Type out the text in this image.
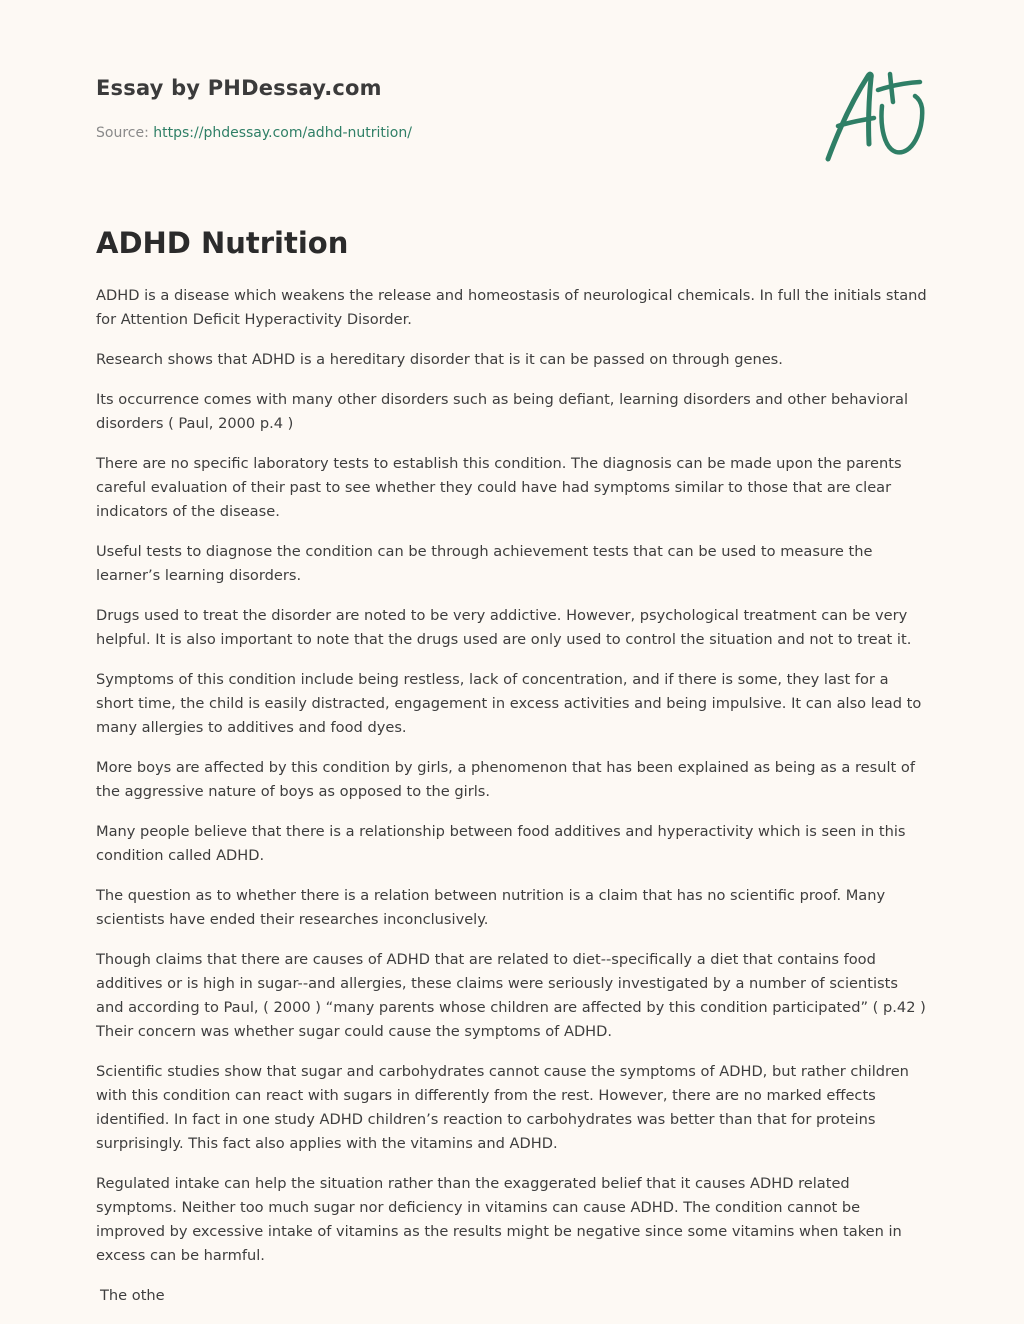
Essay by PHDessay.com
Source: https://phdessay.com/adhd-nutrition/
ADHD Nutrition

ADHD is a disease which weakens the release and homeostasis of neurological chemicals. In full the initials stand for Attention Deficit Hyperactivity Disorder.

Research shows that ADHD is a hereditary disorder that is it can be passed on through genes.

Its occurrence comes with many other disorders such as being defiant, learning disorders and other behavioral disorders ( Paul, 2000 p.4 )

There are no specific laboratory tests to establish this condition. The diagnosis can be made upon the parents careful evaluation of their past to see whether they could have had symptoms similar to those that are clear indicators of the disease.

Useful tests to diagnose the condition can be through achievement tests that can be used to measure the learner’s learning disorders.

Drugs used to treat the disorder are noted to be very addictive. However, psychological treatment can be very helpful. It is also important to note that the drugs used are only used to control the situation and not to treat it.

Symptoms of this condition include being restless, lack of concentration, and if there is some, they last for a short time, the child is easily distracted, engagement in excess activities and being impulsive. It can also lead to many allergies to additives and food dyes.

More boys are affected by this condition by girls, a phenomenon that has been explained as being as a result of the aggressive nature of boys as opposed to the girls.

Many people believe that there is a relationship between food additives and hyperactivity which is seen in this condition called ADHD.

The question as to whether there is a relation between nutrition is a claim that has no scientific proof. Many scientists have ended their researches inconclusively.

Though claims that there are causes of ADHD that are related to diet--specifically a diet that contains food additives or is high in sugar--and allergies, these claims were seriously investigated by a number of scientists and according to Paul, ( 2000 ) “many parents whose children are affected by this condition participated” ( p.42 ) Their concern was whether sugar could cause the symptoms of ADHD.

Scientific studies show that sugar and carbohydrates cannot cause the symptoms of ADHD, but rather children with this condition can react with sugars in differently from the rest. However, there are no marked effects identified. In fact in one study ADHD children’s reaction to carbohydrates was better than that for proteins surprisingly. This fact also applies with the vitamins and ADHD.

Regulated intake can help the situation rather than the exaggerated belief that it causes ADHD related symptoms. Neither too much sugar nor deficiency in vitamins can cause ADHD. The condition cannot be improved by excessive intake of vitamins as the results might be negative since some vitamins when taken in excess can be harmful.

The othe
